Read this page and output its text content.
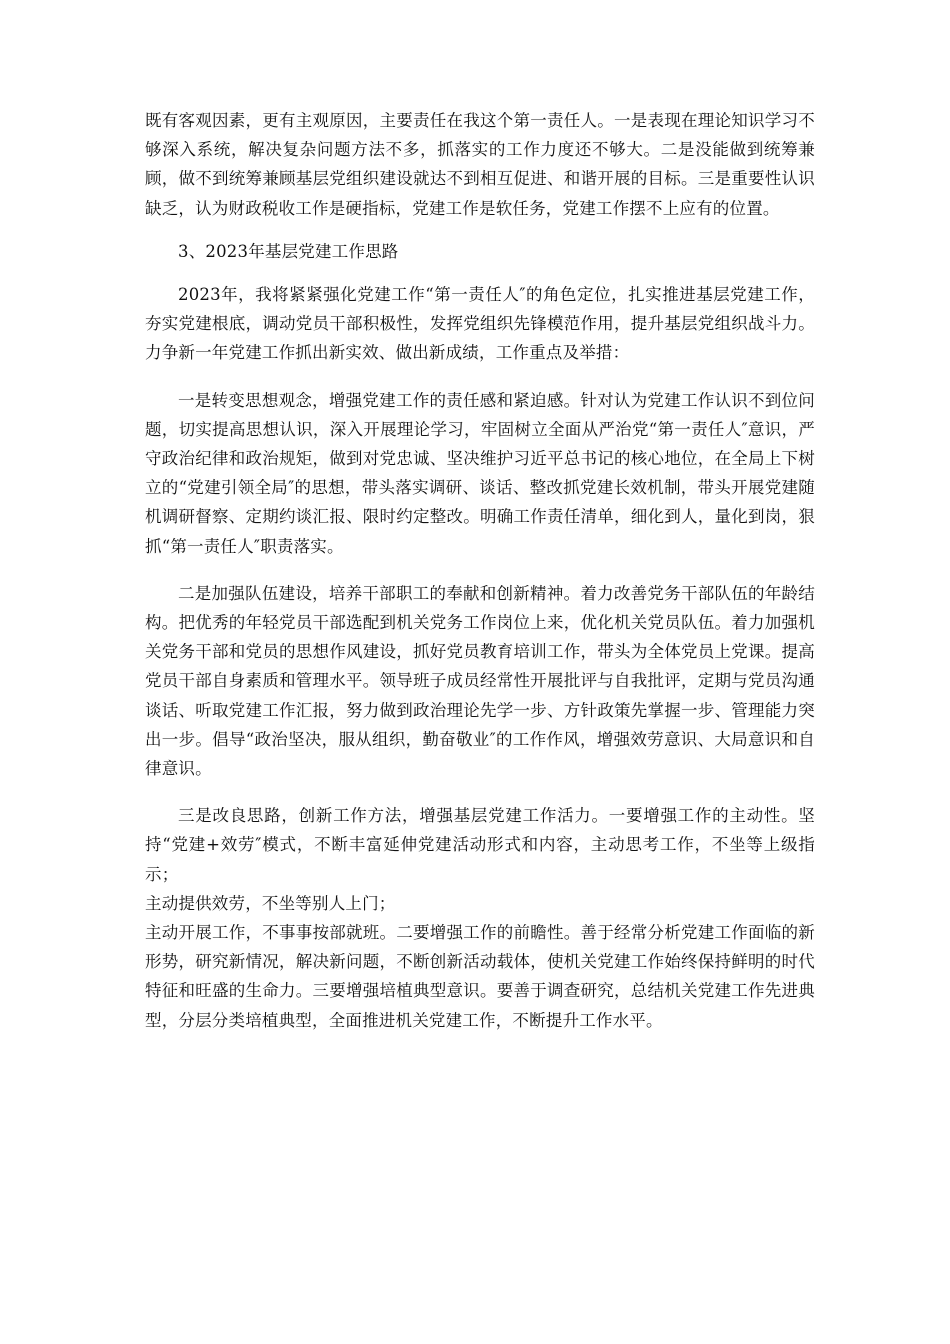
既有客观因素，更有主观原因，主要责任在我这个第一责任人。一是表现在理论知识学习不够深入系统，解决复杂问题方法不多，抓落实的工作力度还不够大。二是没能做到统筹兼顾，做不到统筹兼顾基层党组织建设就达不到相互促进、和谐开展的目标。三是重要性认识缺乏，认为财政税收工作是硬指标，党建工作是软任务，党建工作摆不上应有的位置。

3、2023年基层党建工作思路

2023年，我将紧紧强化党建工作“第一责任人″的角色定位，扎实推进基层党建工作，夯实党建根底，调动党员干部积极性，发挥党组织先锋模范作用，提升基层党组织战斗力。力争新一年党建工作抓出新实效、做出新成绩，工作重点及举措：

一是转变思想观念，增强党建工作的责任感和紧迫感。针对认为党建工作认识不到位问题，切实提高思想认识，深入开展理论学习，牢固树立全面从严治党“第一责任人″意识，严守政治纪律和政治规矩，做到对党忠诚、坚决维护习近平总书记的核心地位，在全局上下树立的“党建引领全局″的思想，带头落实调研、谈话、整改抓党建长效机制，带头开展党建随机调研督察、定期约谈汇报、限时约定整改。明确工作责任清单，细化到人，量化到岗，狠抓“第一责任人″职责落实。

二是加强队伍建设，培养干部职工的奉献和创新精神。着力改善党务干部队伍的年龄结构。把优秀的年轻党员干部选配到机关党务工作岗位上来，优化机关党员队伍。着力加强机关党务干部和党员的思想作风建设，抓好党员教育培训工作，带头为全体党员上党课。提高党员干部自身素质和管理水平。领导班子成员经常性开展批评与自我批评，定期与党员沟通谈话、听取党建工作汇报，努力做到政治理论先学一步、方针政策先掌握一步、管理能力突出一步。倡导“政治坚决，服从组织，勤奋敬业″的工作作风，增强效劳意识、大局意识和自律意识。

三是改良思路，创新工作方法，增强基层党建工作活力。一要增强工作的主动性。坚持“党建+效劳″模式，不断丰富延伸党建活动形式和内容，主动思考工作，不坐等上级指示；

主动提供效劳，不坐等别人上门；

主动开展工作，不事事按部就班。二要增强工作的前瞻性。善于经常分析党建工作面临的新形势，研究新情况，解决新问题，不断创新活动载体，使机关党建工作始终保持鲜明的时代特征和旺盛的生命力。三要增强培植典型意识。要善于调查研究，总结机关党建工作先进典型，分层分类培植典型，全面推进机关党建工作，不断提升工作水平。
